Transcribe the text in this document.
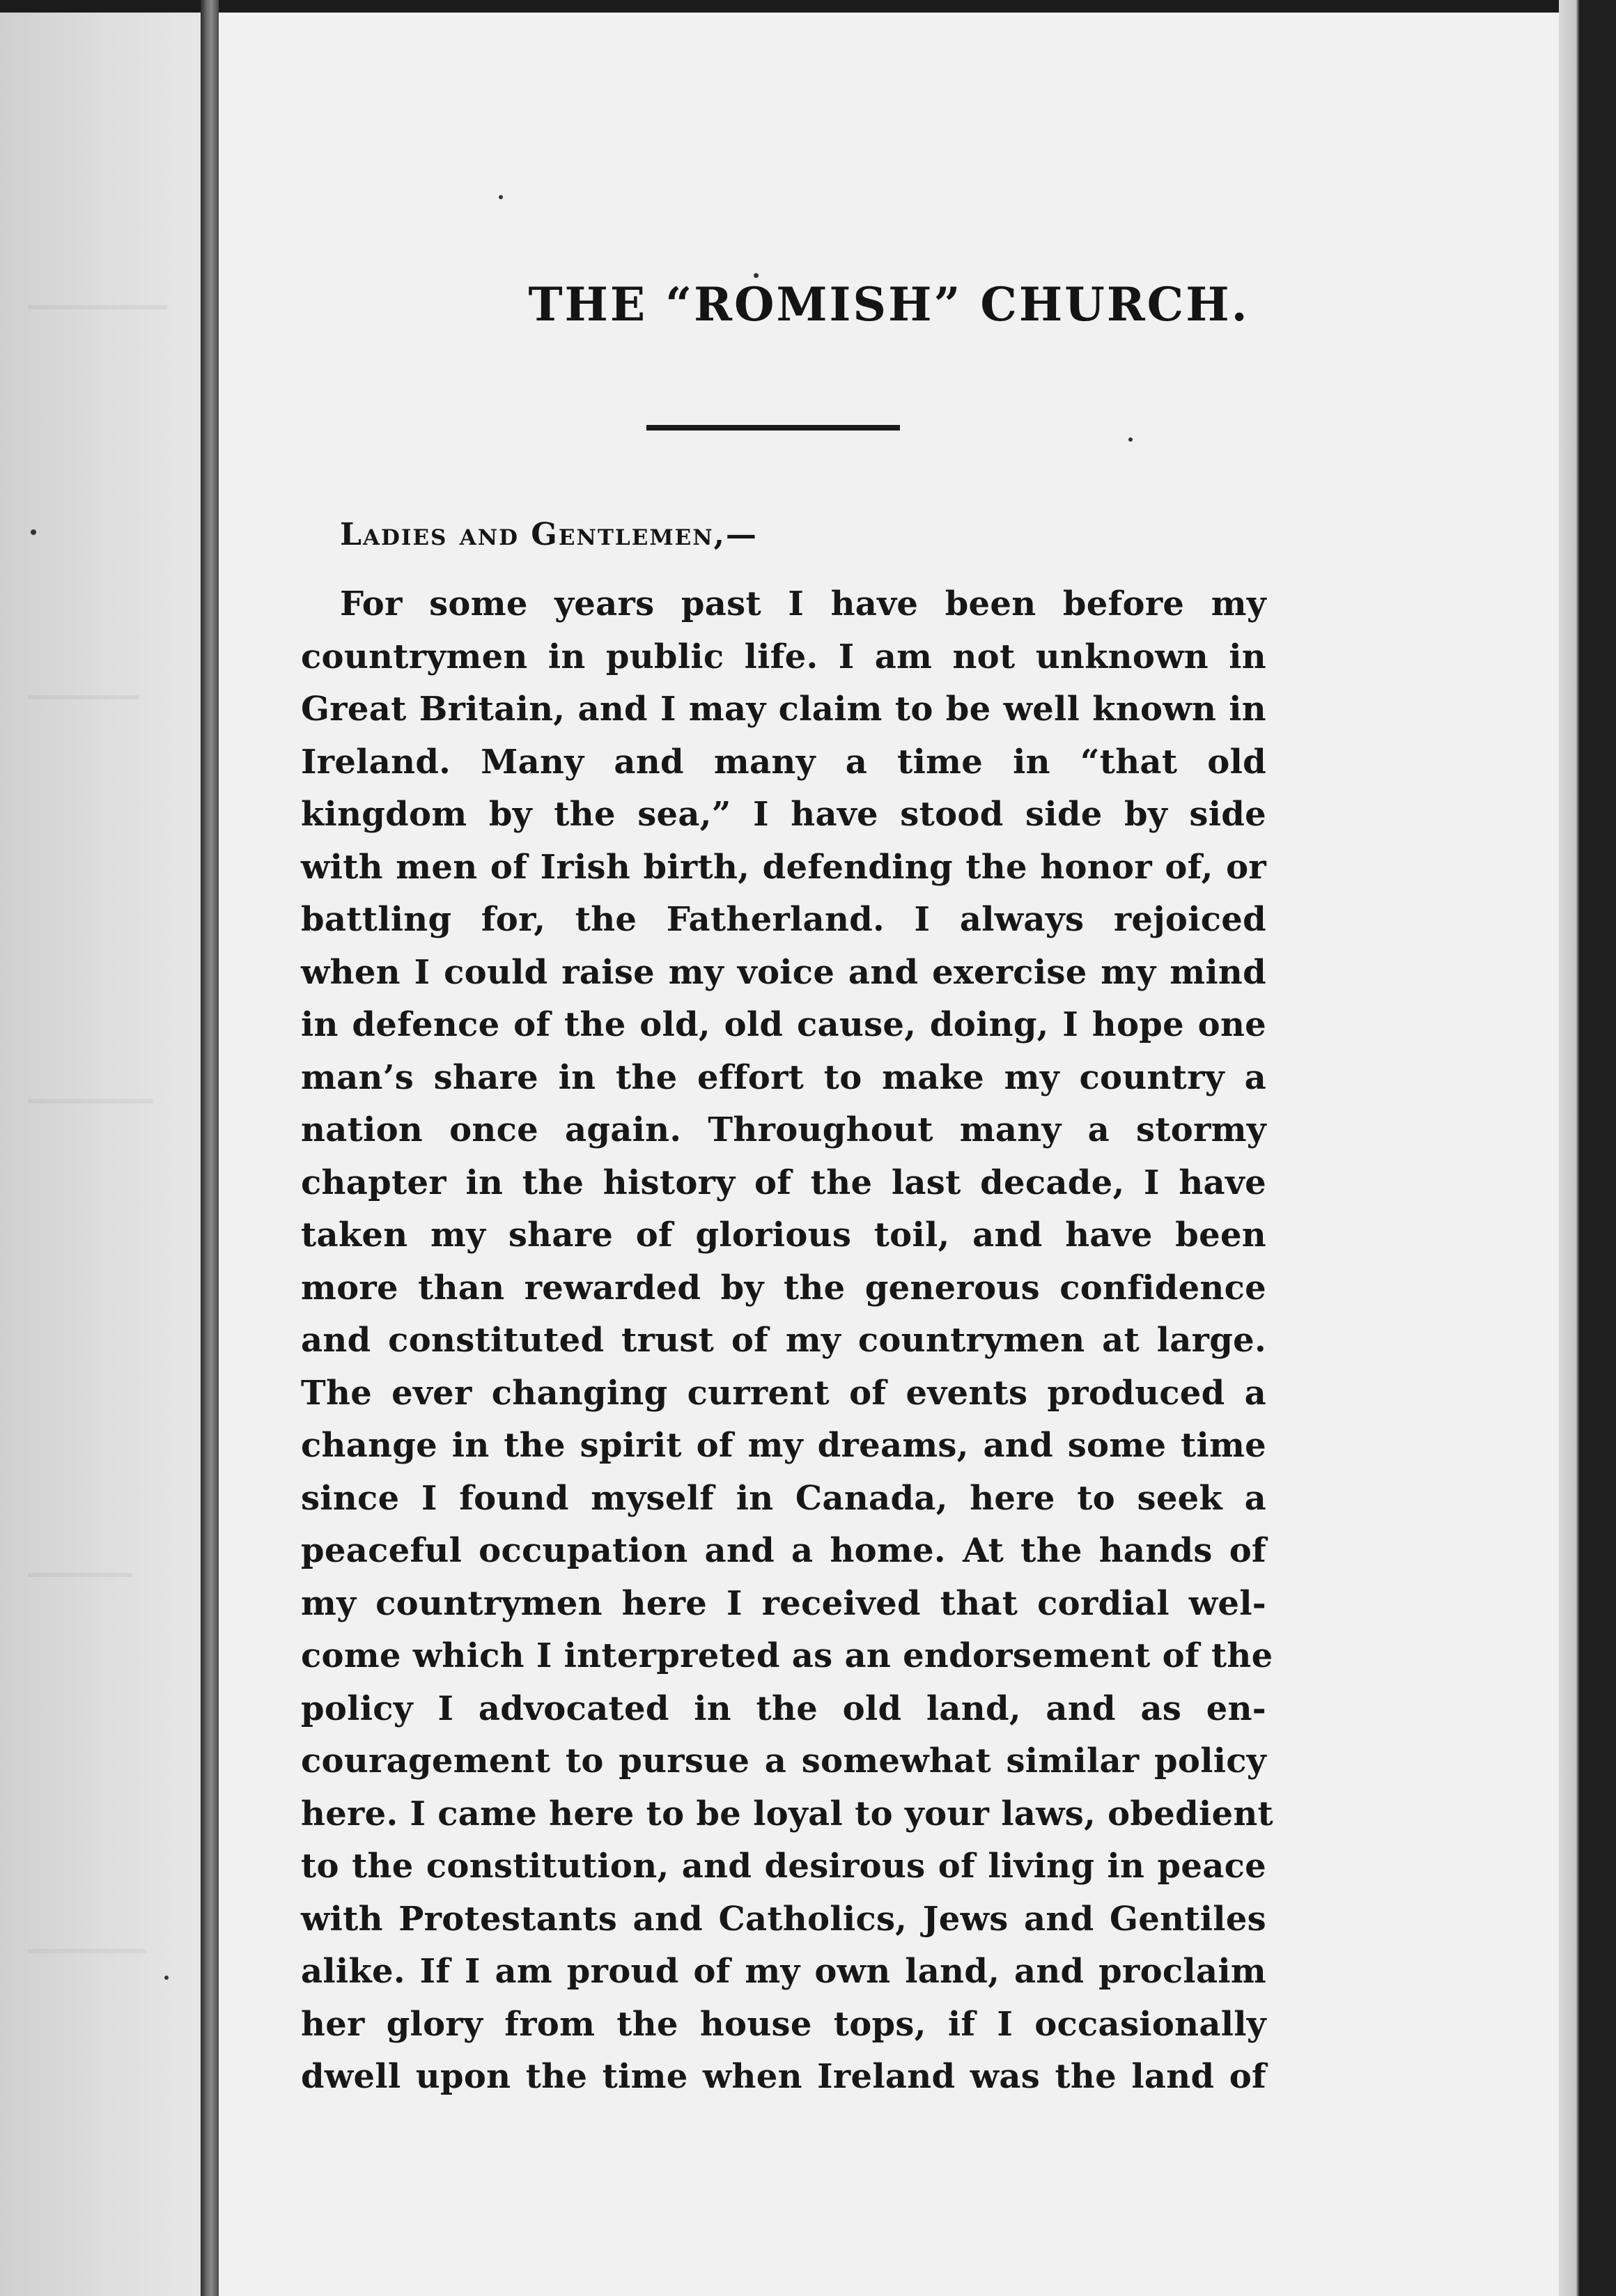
THE “ROMISH” CHURCH.

Ladies and Gentlemen,—

For some years past I have been before my
countrymen in public life. I am not unknown in
Great Britain, and I may claim to be well known in
Ireland. Many and many a time in “that old
kingdom by the sea,” I have stood side by side
with men of Irish birth, defending the honor of, or
battling for, the Fatherland. I always rejoiced
when I could raise my voice and exercise my mind
in defence of the old, old cause, doing, I hope one
man’s share in the effort to make my country a
nation once again. Throughout many a stormy
chapter in the history of the last decade, I have
taken my share of glorious toil, and have been
more than rewarded by the generous confidence
and constituted trust of my countrymen at large.
The ever changing current of events produced a
change in the spirit of my dreams, and some time
since I found myself in Canada, here to seek a
peaceful occupation and a home. At the hands of
my countrymen here I received that cordial wel-
come which I interpreted as an endorsement of the
policy I advocated in the old land, and as en-
couragement to pursue a somewhat similar policy
here. I came here to be loyal to your laws, obedient
to the constitution, and desirous of living in peace
with Protestants and Catholics, Jews and Gentiles
alike. If I am proud of my own land, and proclaim
her glory from the house tops, if I occasionally
dwell upon the time when Ireland was the land of
